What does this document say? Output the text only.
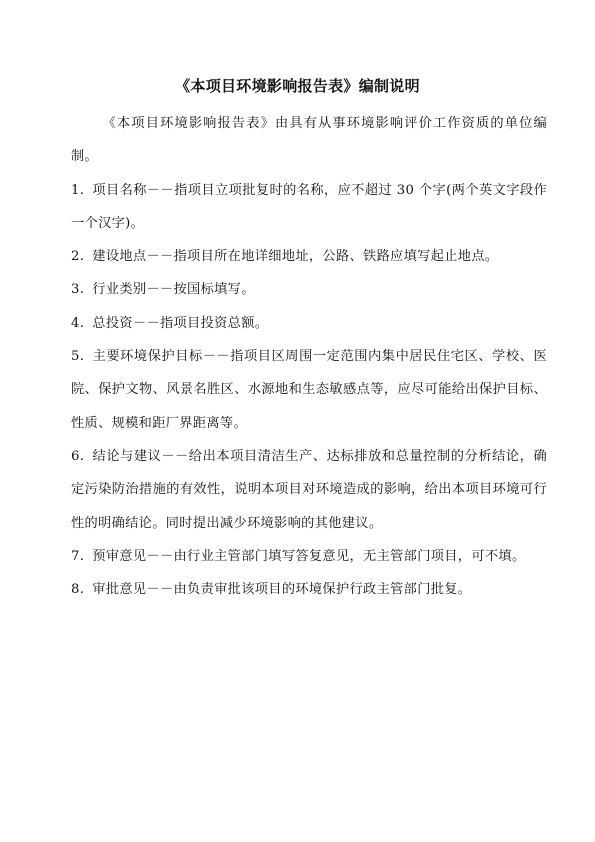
《本项目环境影响报告表》编制说明

《本项目环境影响报告表》由具有从事环境影响评价工作资质的单位编制。

1. 项目名称－－指项目立项批复时的名称，应不超过 30 个字(两个英文字段作一个汉字)。

2. 建设地点－－指项目所在地详细地址，公路、铁路应填写起止地点。

3. 行业类别－－按国标填写。

4. 总投资－－指项目投资总额。

5. 主要环境保护目标－－指项目区周围一定范围内集中居民住宅区、学校、医院、保护文物、风景名胜区、水源地和生态敏感点等，应尽可能给出保护目标、性质、规模和距厂界距离等。

6. 结论与建议－－给出本项目清洁生产、达标排放和总量控制的分析结论，确定污染防治措施的有效性，说明本项目对环境造成的影响，给出本项目环境可行性的明确结论。同时提出减少环境影响的其他建议。

7. 预审意见－－由行业主管部门填写答复意见，无主管部门项目，可不填。

8. 审批意见－－由负责审批该项目的环境保护行政主管部门批复。
